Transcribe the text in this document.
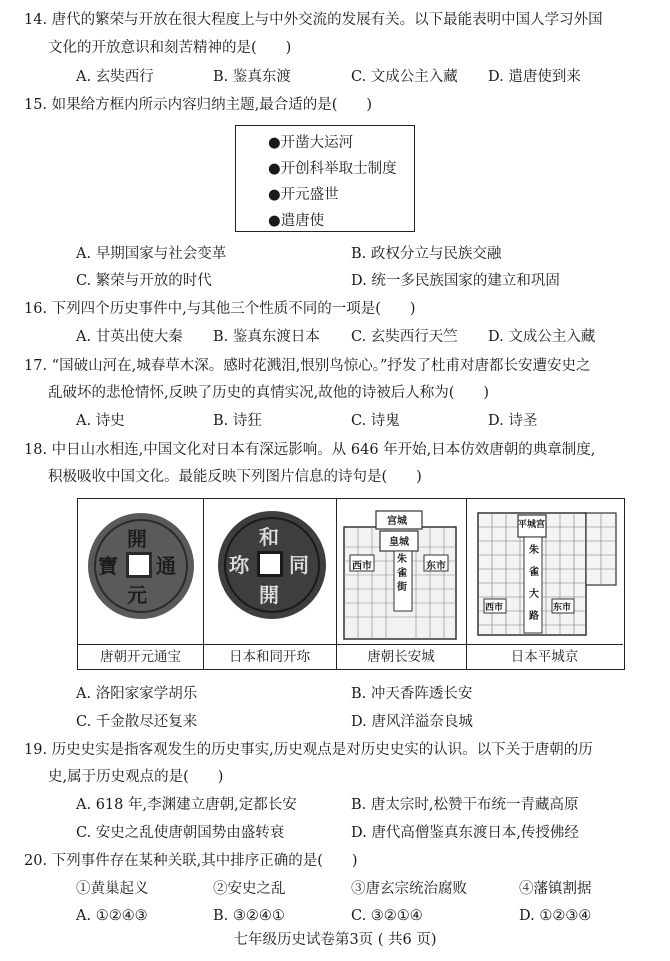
14. 唐代的繁荣与开放在很大程度上与中外交流的发展有关。以下最能表明中国人学习外国
文化的开放意识和刻苦精神的是(　　)
A. 玄奘西行	B. 鉴真东渡	C. 文成公主入藏 D. 遣唐使到来
15. 如果给方框内所示内容归纳主题,最合适的是(　　)
●开凿大运河
●开创科举取士制度
●开元盛世
●遣唐使
A. 早期国家与社会变革	B. 政权分立与民族交融
C. 繁荣与开放的时代	D. 统一多民族国家的建立和巩固
16. 下列四个历史事件中,与其他三个性质不同的一项是(　　)
A. 甘英出使大秦 B. 鉴真东渡日本 C. 玄奘西行天竺 D. 文成公主入藏
17. “国破山河在,城春草木深。感时花溅泪,恨别鸟惊心。”抒发了杜甫对唐都长安遭安史之
乱破坏的悲怆情怀,反映了历史的真情实况,故他的诗被后人称为(　　)
A. 诗史	B. 诗狂	C. 诗鬼	D. 诗圣
18. 中日山水相连,中国文化对日本有深远影响。从 646 年开始,日本仿效唐朝的典章制度,
积极吸收中国文化。最能反映下列图片信息的诗句是(　　)
開
元
通
寶
和
開
同
珎
宫城
皇城
西市	东市
朱雀街
平城宫
朱
雀
大
路
西市	东市
唐朝开元通宝	日本和同开珎	唐朝长安城	日本平城京
A. 洛阳家家学胡乐	B. 冲天香阵透长安
C. 千金散尽还复来	D. 唐风洋溢奈良城
19. 历史史实是指客观发生的历史事实,历史观点是对历史史实的认识。以下关于唐朝的历
史,属于历史观点的是(　　)
A. 618 年,李渊建立唐朝,定都长安	B. 唐太宗时,松赞干布统一青藏高原
C. 安史之乱使唐朝国势由盛转衰	D. 唐代高僧鉴真东渡日本,传授佛经
20. 下列事件存在某种关联,其中排序正确的是(　　)
①黄巢起义	②安史之乱	③唐玄宗统治腐败	④藩镇割据
A. ①②④③	B. ③②④①	C. ③②①④	D. ①②③④
七年级历史试卷第3页 ( 共6 页)
